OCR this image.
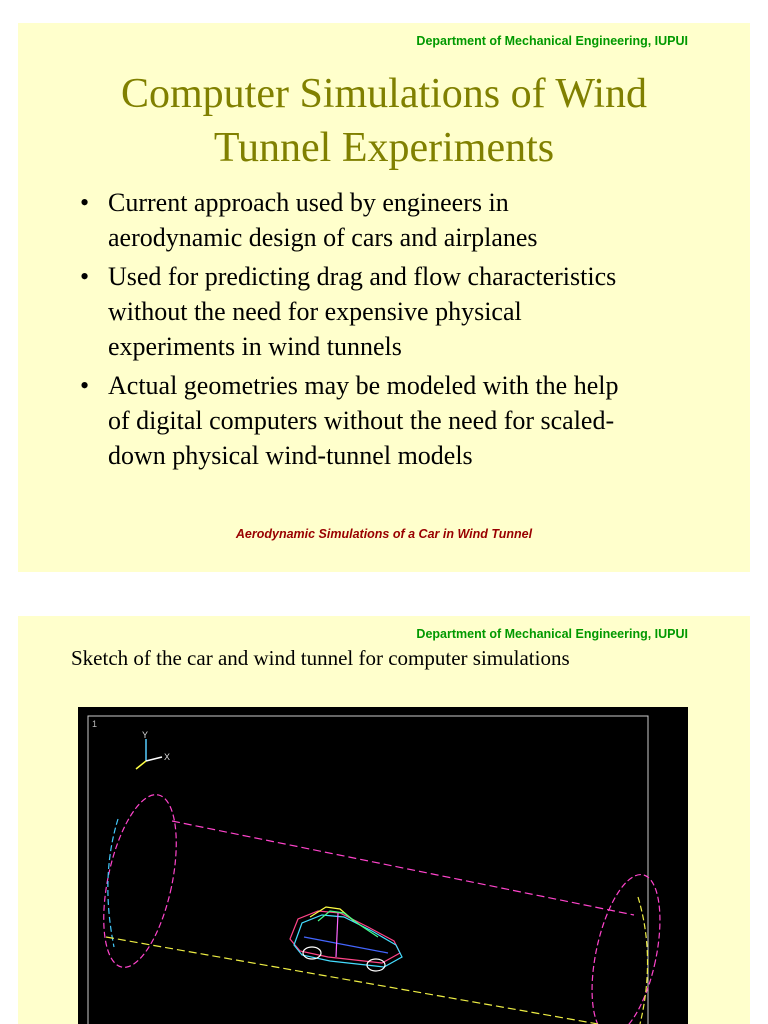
Department of Mechanical Engineering, IUPUI
Computer Simulations of Wind
Tunnel Experiments
• Current approach used by engineers in
aerodynamic design of cars and airplanes
• Used for predicting drag and flow characteristics
without the need for expensive physical
experiments in wind tunnels
• Actual geometries may be modeled with the help
of digital computers without the need for scaled-
down physical wind-tunnel models
Aerodynamic Simulations of a Car in Wind Tunnel
Department of Mechanical Engineering, IUPUI
Sketch of the car and wind tunnel for computer simulations
1
Y
X
